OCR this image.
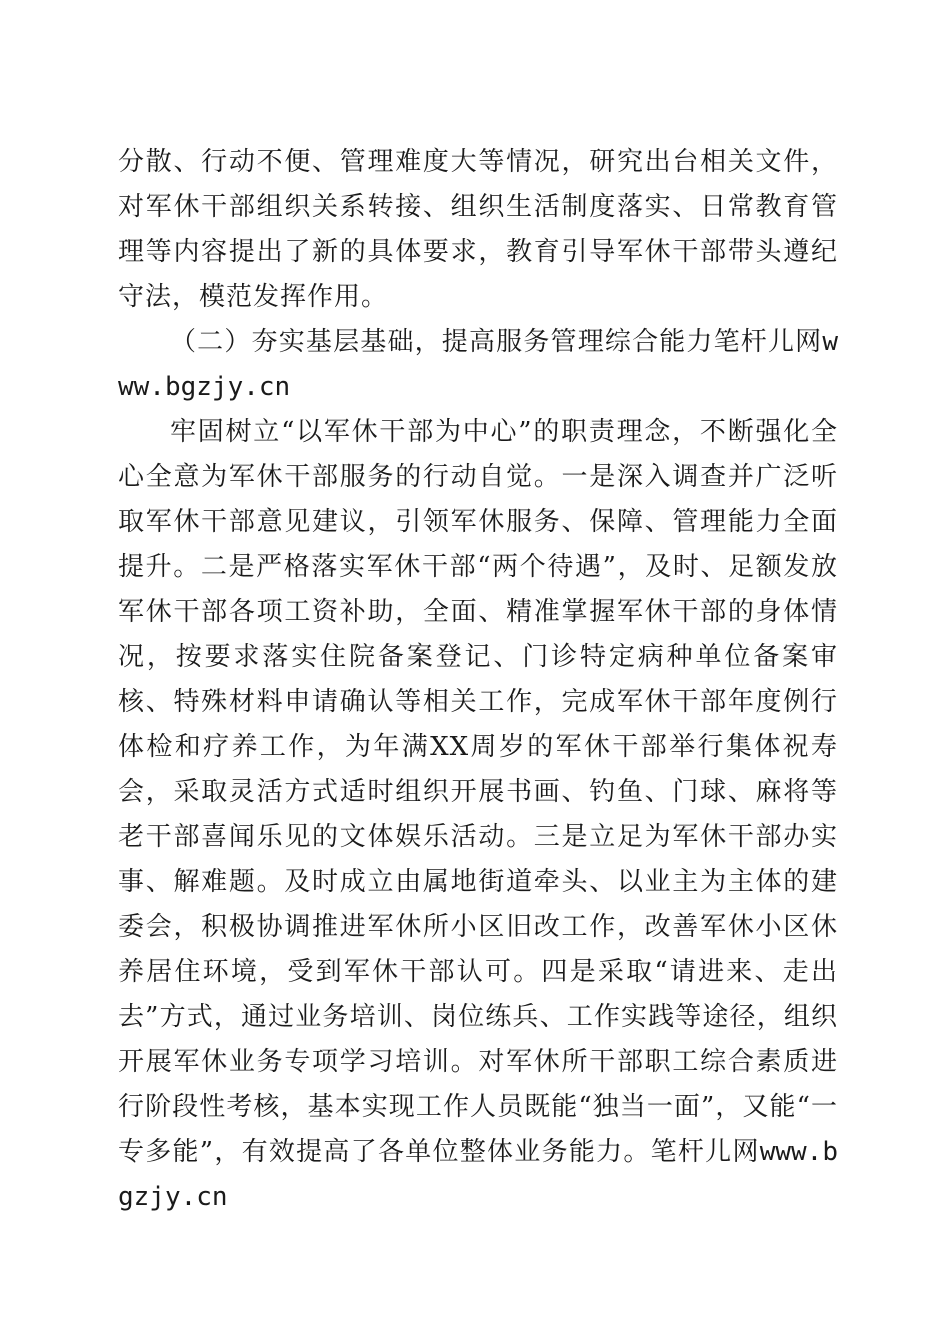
分散、行动不便、管理难度大等情况，研究出台相关文件，对军休干部组织关系转接、组织生活制度落实、日常教育管理等内容提出了新的具体要求，教育引导军休干部带头遵纪守法，模范发挥作用。

（二）夯实基层基础，提高服务管理综合能力笔杆儿网www.bgzjy.cn

牢固树立“以军休干部为中心”的职责理念，不断强化全心全意为军休干部服务的行动自觉。一是深入调查并广泛听取军休干部意见建议，引领军休服务、保障、管理能力全面提升。二是严格落实军休干部“两个待遇”，及时、足额发放军休干部各项工资补助，全面、精准掌握军休干部的身体情况，按要求落实住院备案登记、门诊特定病种单位备案审核、特殊材料申请确认等相关工作，完成军休干部年度例行体检和疗养工作，为年满XX周岁的军休干部举行集体祝寿会，采取灵活方式适时组织开展书画、钓鱼、门球、麻将等老干部喜闻乐见的文体娱乐活动。三是立足为军休干部办实事、解难题。及时成立由属地街道牵头、以业主为主体的建委会，积极协调推进军休所小区旧改工作，改善军休小区休养居住环境，受到军休干部认可。四是采取“请进来、走出去”方式，通过业务培训、岗位练兵、工作实践等途径，组织开展军休业务专项学习培训。对军休所干部职工综合素质进行阶段性考核，基本实现工作人员既能“独当一面”，又能“一专多能”，有效提高了各单位整体业务能力。笔杆儿网www.bgzjy.cn
